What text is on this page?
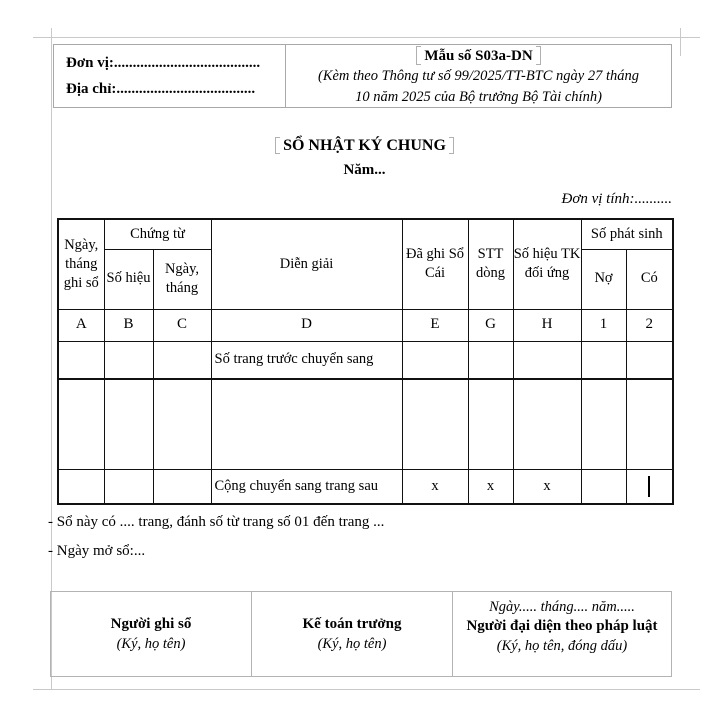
Đơn vị:.......................................
Địa chỉ:.....................................
Mẫu số S03a-DN
(Kèm theo Thông tư số 99/2025/TT-BTC ngày 27 tháng
10 năm 2025 của Bộ trưởng Bộ Tài chính)
SỔ NHẬT KÝ CHUNG
Năm...
Đơn vị tính:..........
Ngày, tháng ghi sổ	Chứng từ		Diễn giải	Đã ghi Sổ Cái	STT dòng	Số hiệu TK đối ứng	Số phát sinh	
	Số hiệu	Ngày, tháng					Nợ	Có
A	B	C	D	E	G	H	1	2
			Số trang trước chuyển sang					

			Cộng chuyển sang trang sau	x	x	x		
- Sổ này có .... trang, đánh số từ trang số 01 đến trang ...
- Ngày mở sổ:...
Người ghi sổ
(Ký, họ tên)
Kế toán trưởng
(Ký, họ tên)
Ngày..... tháng.... năm.....
Người đại diện theo pháp luật
(Ký, họ tên, đóng dấu)
